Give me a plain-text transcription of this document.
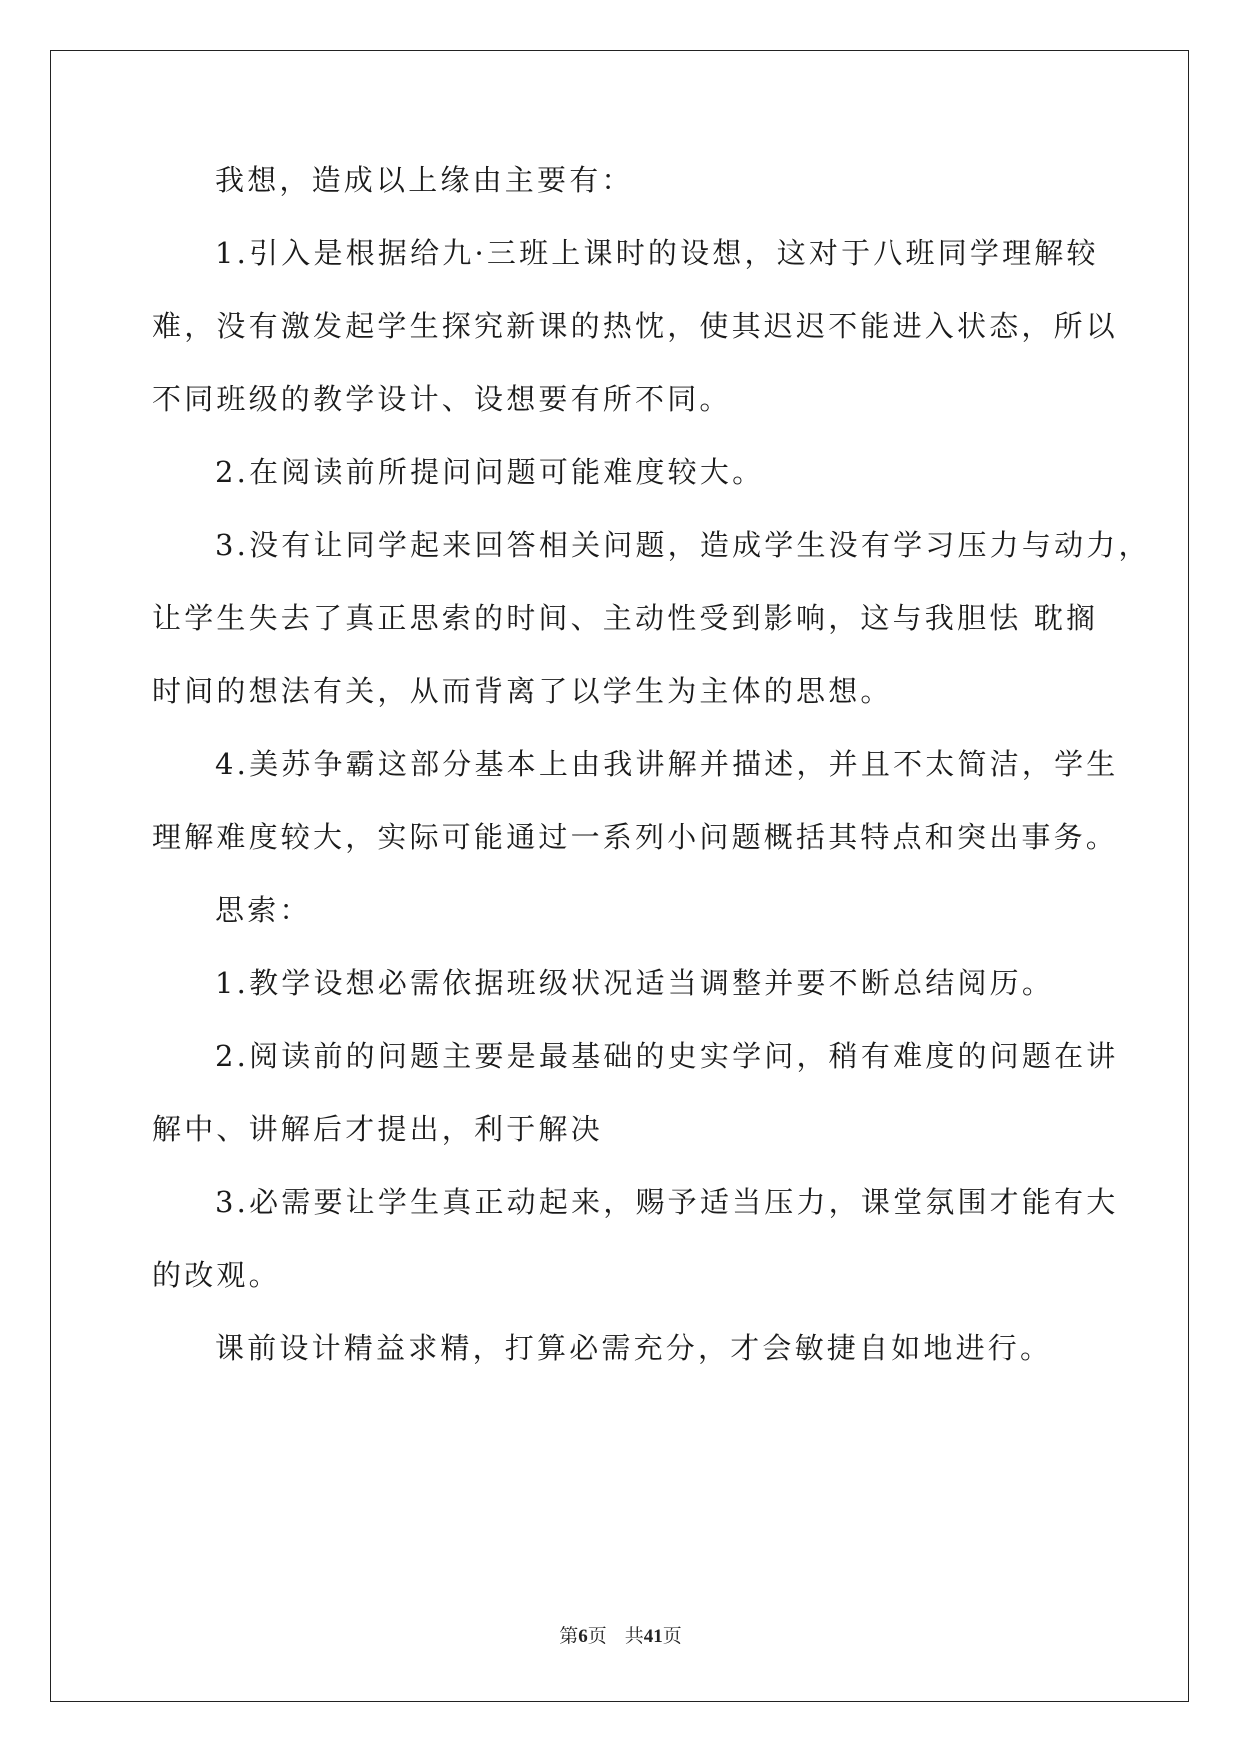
我想，造成以上缘由主要有：
1.引入是根据给九·三班上课时的设想，这对于八班同学理解较
难，没有激发起学生探究新课的热忱，使其迟迟不能进入状态，所以
不同班级的教学设计、设想要有所不同。
2.在阅读前所提问问题可能难度较大。
3.没有让同学起来回答相关问题，造成学生没有学习压力与动力，
让学生失去了真正思索的时间、主动性受到影响，这与我胆怯 耽搁
时间的想法有关，从而背离了以学生为主体的思想。
4.美苏争霸这部分基本上由我讲解并描述，并且不太简洁，学生
理解难度较大，实际可能通过一系列小问题概括其特点和突出事务。
思索：
1.教学设想必需依据班级状况适当调整并要不断总结阅历。
2.阅读前的问题主要是最基础的史实学问，稍有难度的问题在讲
解中、讲解后才提出，利于解决
3.必需要让学生真正动起来，赐予适当压力，课堂氛围才能有大
的改观。
课前设计精益求精，打算必需充分，才会敏捷自如地进行。
第6页 共41页
